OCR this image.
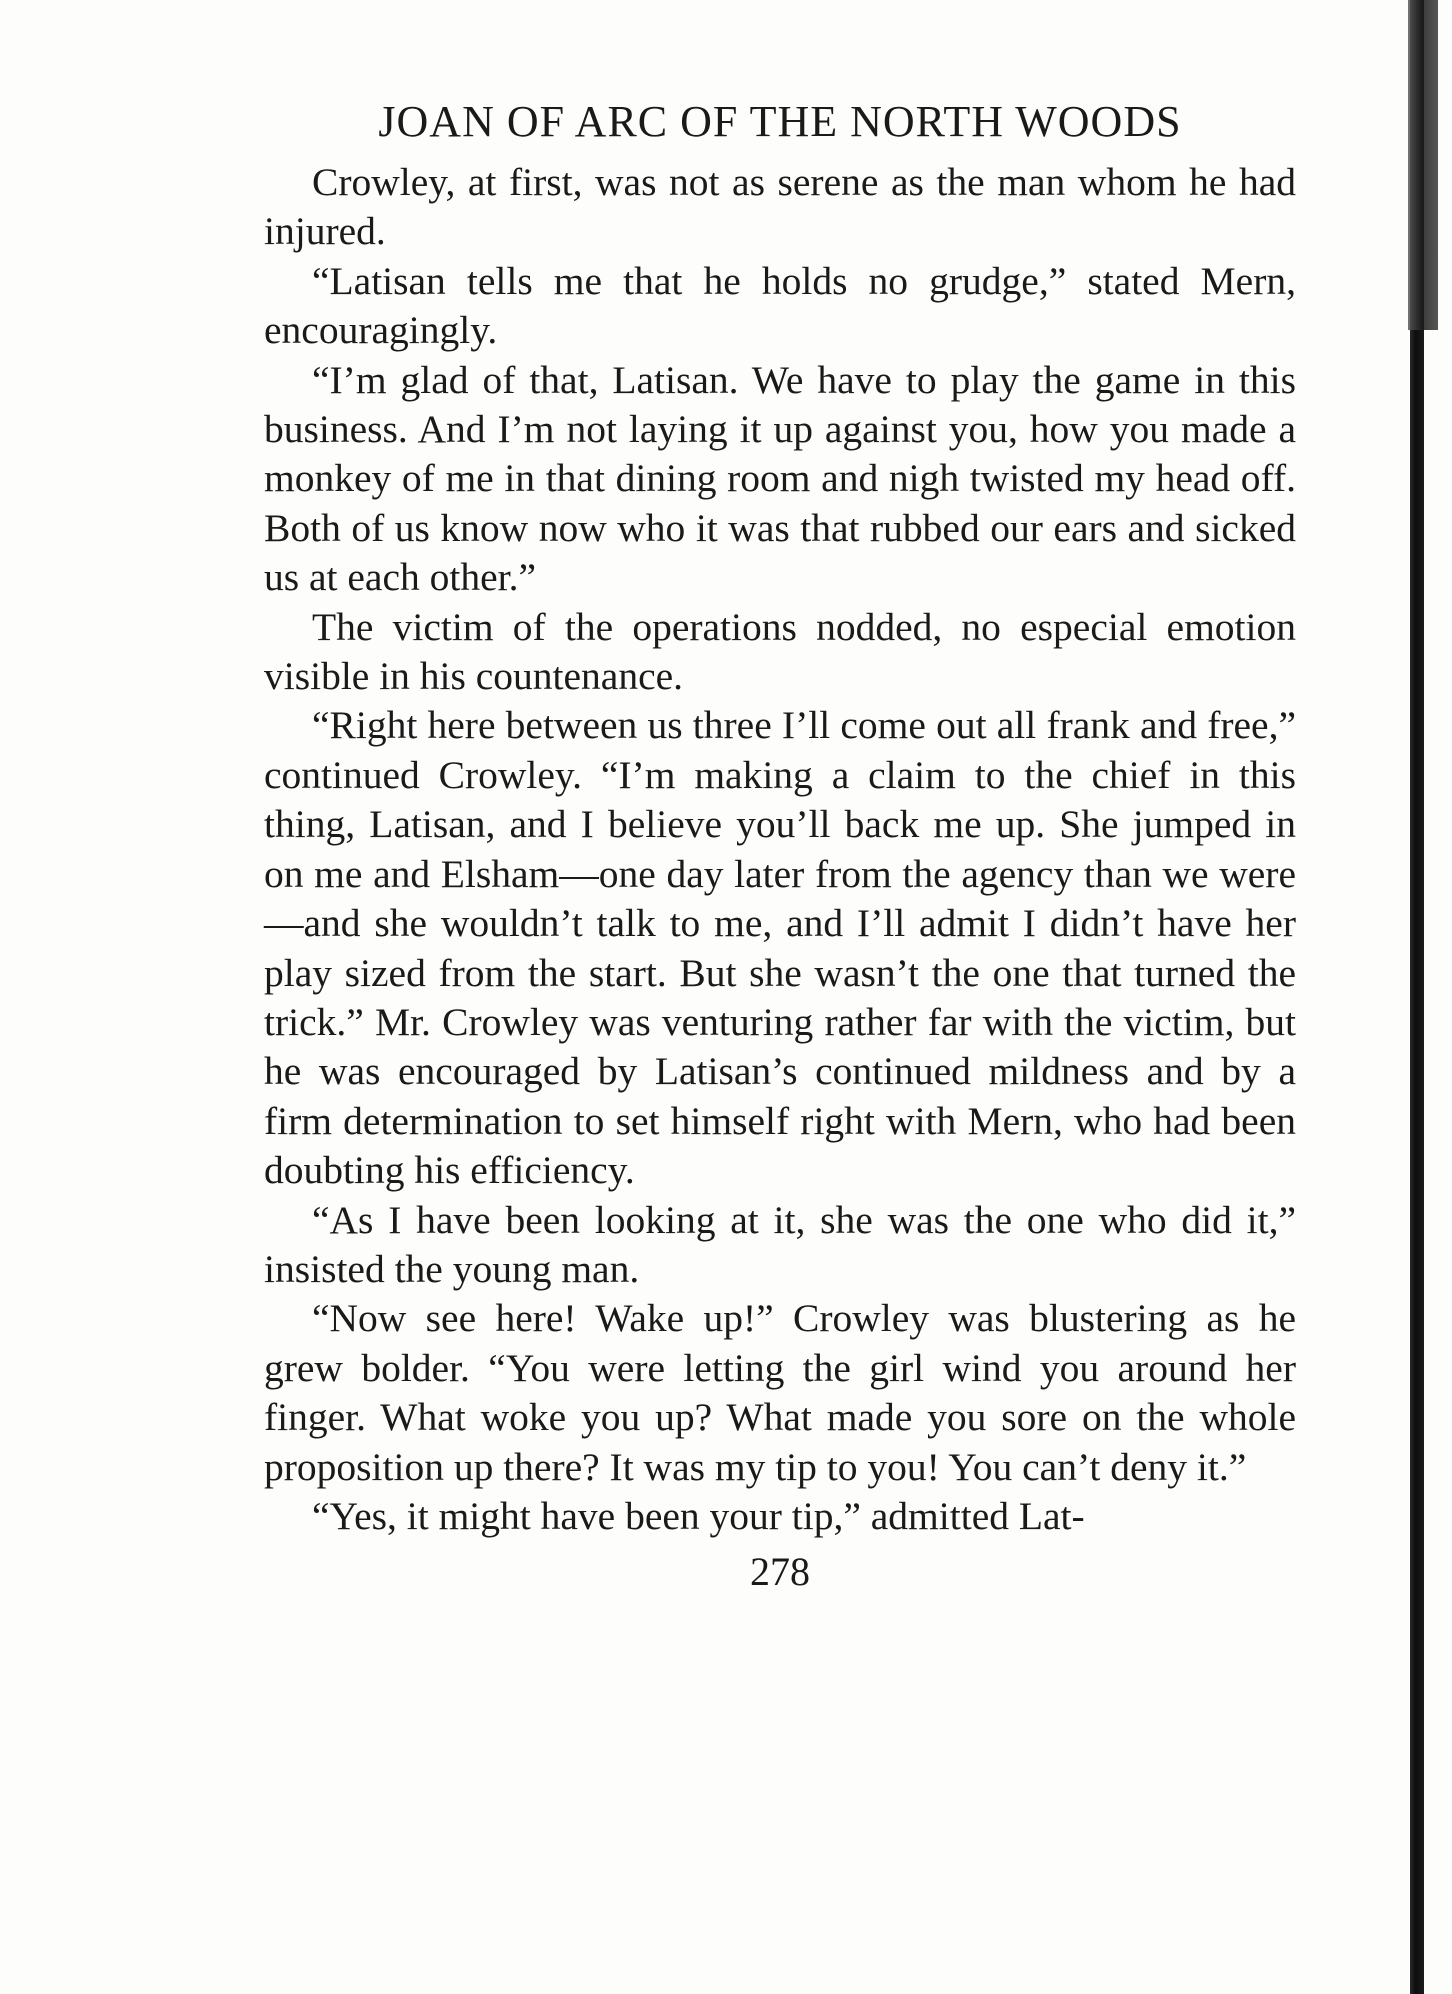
JOAN OF ARC OF THE NORTH WOODS

Crowley, at first, was not as serene as the man whom he had injured.

“Latisan tells me that he holds no grudge,” stated Mern, encouragingly.

“I’m glad of that, Latisan. We have to play the game in this business. And I’m not laying it up against you, how you made a monkey of me in that dining room and nigh twisted my head off. Both of us know now who it was that rubbed our ears and sicked us at each other.”

The victim of the operations nodded, no especial emotion visible in his countenance.

“Right here between us three I’ll come out all frank and free,” continued Crowley. “I’m making a claim to the chief in this thing, Latisan, and I believe you’ll back me up. She jumped in on me and Elsham—one day later from the agency than we were—and she wouldn’t talk to me, and I’ll admit I didn’t have her play sized from the start. But she wasn’t the one that turned the trick.” Mr. Crowley was venturing rather far with the victim, but he was encouraged by Latisan’s continued mildness and by a firm determination to set himself right with Mern, who had been doubting his efficiency.

“As I have been looking at it, she was the one who did it,” insisted the young man.

“Now see here! Wake up!” Crowley was blustering as he grew bolder. “You were letting the girl wind you around her finger. What woke you up? What made you sore on the whole proposition up there? It was my tip to you! You can’t deny it.”

“Yes, it might have been your tip,” admitted Lat-

278
